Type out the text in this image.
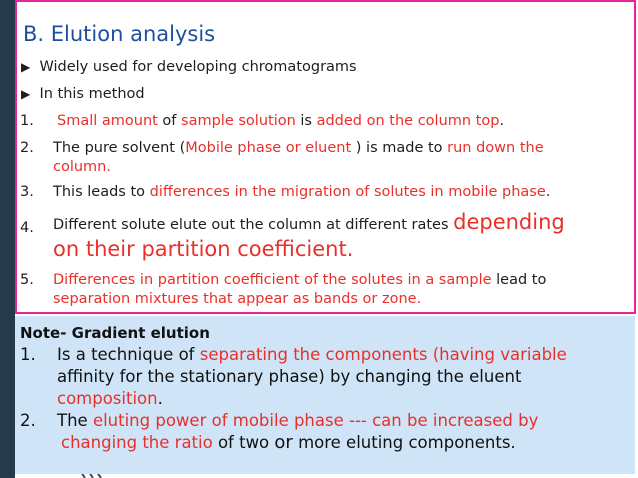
B. Elution analysis
▶ Widely used for developing chromatograms
▶ In this method
1. Small amount of sample solution is added on the column top.
2. The pure solvent (Mobile phase or eluent ) is made to run down the
column.
3. This leads to differences in the migration of solutes in mobile phase.
4. Different solute elute out the column at different rates depending
on their partition coefficient.
5. Differences in partition coefficient of the solutes in a sample lead to
separation mixtures that appear as bands or zone.
Note- Gradient elution
1. Is a technique of separating the components (having variable
affinity for the stationary phase) by changing the eluent
composition.
2. The eluting power of mobile phase --- can be increased by
changing the ratio of two or more eluting components.
